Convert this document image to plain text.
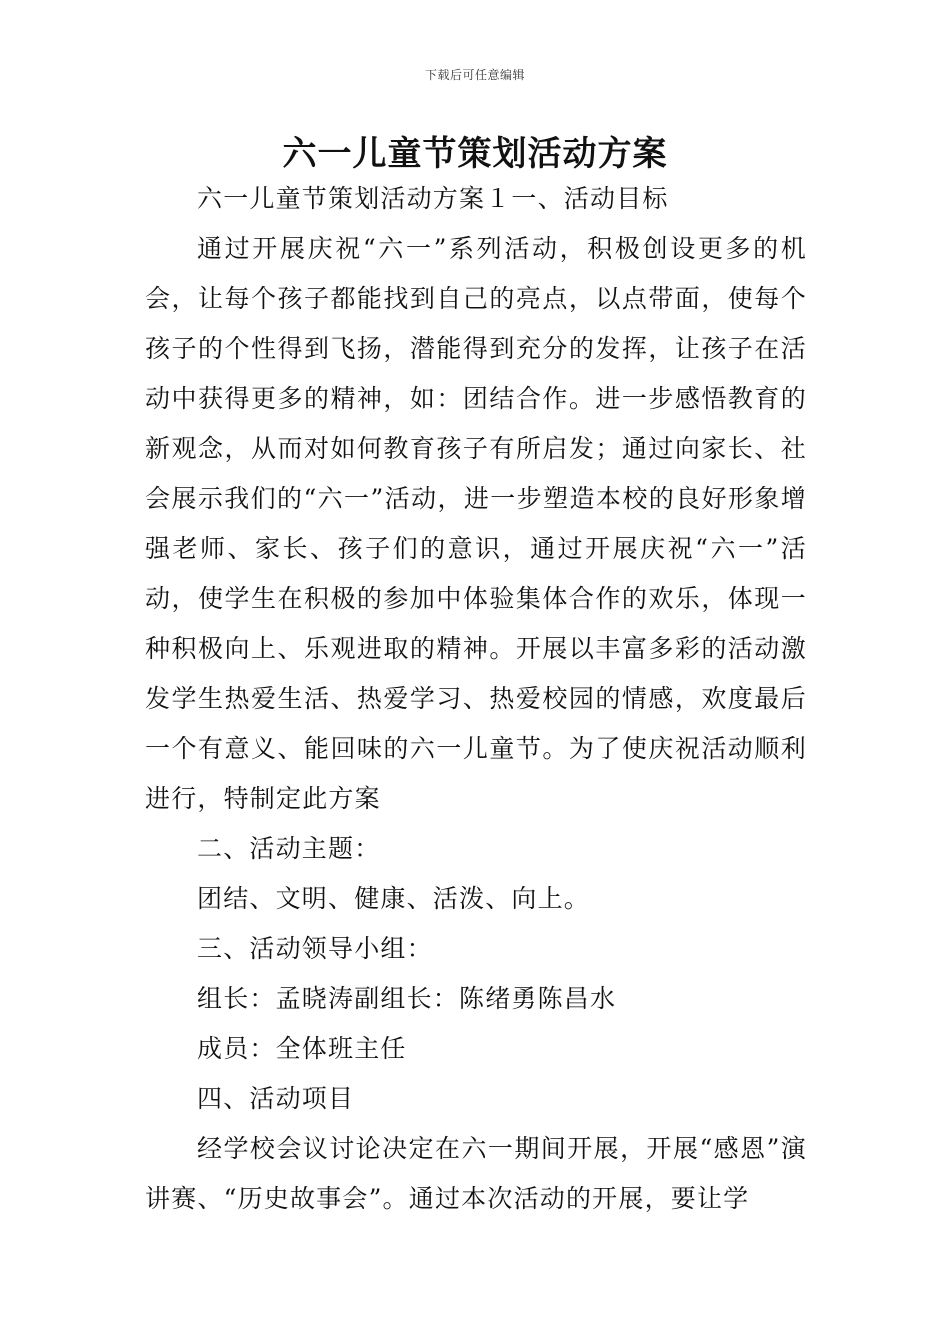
下载后可任意编辑
六一儿童节策划活动方案

六一儿童节策划活动方案１一、活动目标

通过开展庆祝“六一”系列活动，积极创设更多的机会，让每个孩子都能找到自己的亮点，以点带面，使每个孩子的个性得到飞扬，潜能得到充分的发挥，让孩子在活动中获得更多的精神，如：团结合作。进一步感悟教育的新观念，从而对如何教育孩子有所启发；通过向家长、社会展示我们的“六一”活动，进一步塑造本校的良好形象增强老师、家长、孩子们的意识，通过开展庆祝“六一”活动，使学生在积极的参加中体验集体合作的欢乐，体现一种积极向上、乐观进取的精神。开展以丰富多彩的活动激发学生热爱生活、热爱学习、热爱校园的情感，欢度最后一个有意义、能回味的六一儿童节。为了使庆祝活动顺利进行，特制定此方案

二、活动主题：

团结、文明、健康、活泼、向上。

三、活动领导小组：

组长：孟晓涛副组长：陈绪勇陈昌水

成员：全体班主任

四、活动项目

经学校会议讨论决定在六一期间开展，开展“感恩”演讲赛、“历史故事会”。通过本次活动的开展，要让学
